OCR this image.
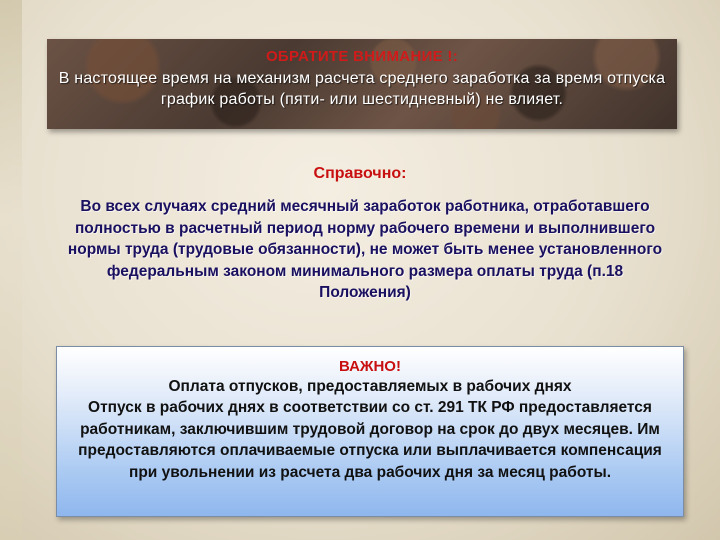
ОБРАТИТЕ ВНИМАНИЕ !:
В настоящее время на механизм расчета среднего заработка за время отпуска график работы (пяти- или шестидневный) не влияет.
Справочно:
Во всех случаях средний месячный заработок работника, отработавшего полностью в расчетный период норму рабочего времени и выполнившего нормы труда (трудовые обязанности), не может быть менее установленного федеральным законом минимального размера оплаты труда (п.18 Положения)
ВАЖНО!
Оплата отпусков, предоставляемых в рабочих днях
Отпуск в рабочих днях в соответствии со ст. 291 ТК РФ предоставляется работникам, заключившим трудовой договор на срок до двух месяцев. Им предоставляются оплачиваемые отпуска или выплачивается компенсация при увольнении из расчета два рабочих дня за месяц работы.
